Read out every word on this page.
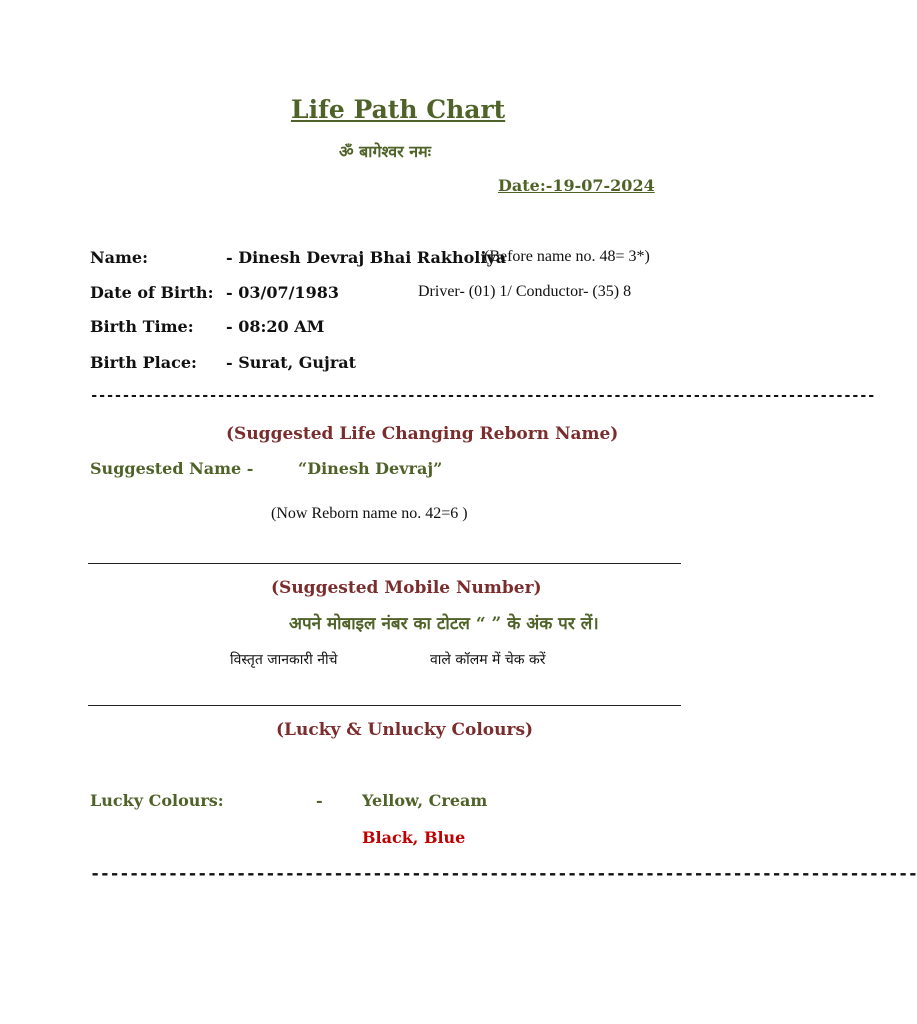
Life Path Chart
ॐ बागेश्वर नमः
Date:-19-07-2024
Name:	- Dinesh Devraj Bhai Rakholiya
(Before name no. 48= 3*)
Date of Birth: - 03/07/1983	Driver- (01) 1/ Conductor- (35) 8
Birth Time: - 08:20 AM
Birth Place: - Surat, Gujrat
---------------------------------------------------------------------------------------------------
(Suggested Life Changing Reborn Name)
Suggested Name -	“Dinesh Devraj”
(Now Reborn name no. 42=6 )
(Suggested Mobile Number)
अपने मोबाइल नंबर का टोटल “ ” के अंक पर लें।
विस्तृत जानकारी नीचे	वाले कॉलम में चेक करें
(Lucky & Unlucky Colours)
Lucky Colours:	- Yellow, Cream
Black, Blue
-------------------------------------------------------------------------------------
